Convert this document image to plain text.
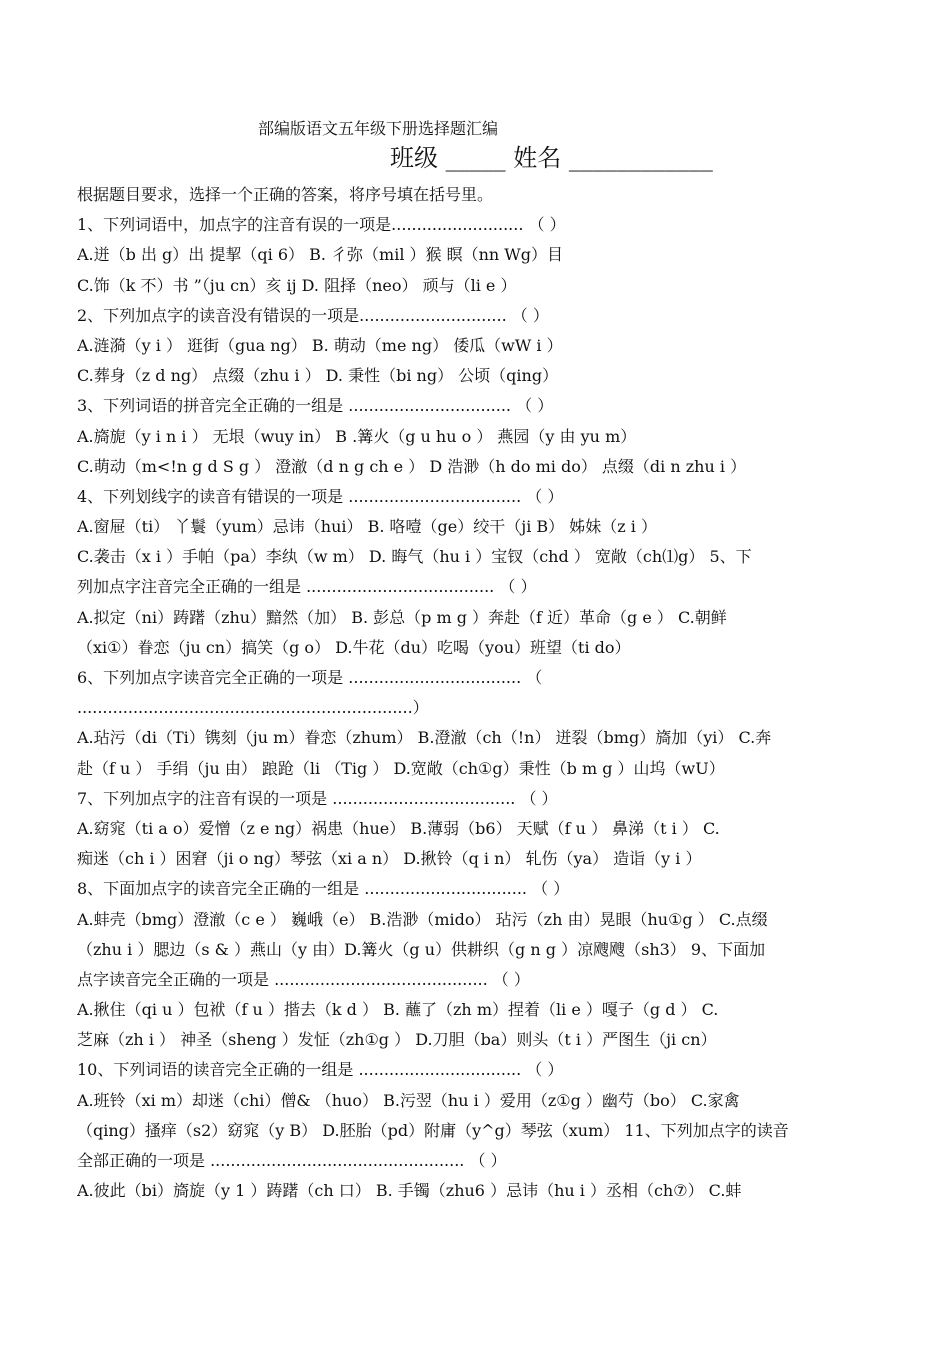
部编版语文五年级下册选择题汇编
班级 _____ 姓名 ____________
根据题目要求，选择一个正确的答案，将序号填在括号里。
1、下列词语中，加点字的注音有误的一项是.......................... （ ）
A.迸（b 出 g）出 提挈（qi 6） B. 彳弥（mil ）猴 瞑（nn Wg）目
C.饰（k 不）书 ”（ju cn）亥 ij D. 阻择（neo） 顽与（li e ）
2、下列加点字的读音没有错误的一项是............................. （ ）
A.涟漪（y i ） 逛街（gua ng） B. 萌动（me ng） 倭瓜（wW i ）
C.葬身（z d ng） 点缀（zhu i ） D. 秉性（bi ng） 公顷（qing）
3、下列词语的拼音完全正确的一组是 ................................ （ ）
A.旖旎（y i n i ） 无垠（wuy in） B .篝火（g u hu o ） 燕园（y 由 yu m）
C.萌动（m<!n g d S g ） 澄澈（d n g ch e ） D 浩渺（h do mi do） 点缀（di n zhu i ）
4、下列划线字的读音有错误的一项是 .................................. （ ）
A.窗屉（ti） 丫鬟（yum）忌讳（hui） B. 咯噎（ge）绞干（ji B） 姊妹（z i ）
C.袭击（x i ）手帕（pa）李纨（w m） D. 晦气（hu i ）宝钗（chd ） 宽敞（ch⑴g） 5、下
列加点字注音完全正确的一组是 ..................................... （ ）
A.拟定（ni）踌躇（zhu）黯然（加） B. 彭总（p m g ）奔赴（f 近）革命（g e ） C.朝鲜
（xi①）眷恋（ju cn）搞笑（g o） D.牛花（du）吃喝（you）班望（ti do）
6、下列加点字读音完全正确的一项是 .................................. （
..................................................................）
A.玷污（di（Ti）镌刻（ju m）眷恋（zhum） B.澄澈（ch（!n） 迸裂（bmg）旖加（yi） C.奔
赴（f u ） 手绢（ju 由） 踉跄（li （Tig ） D.宽敞（ch①g）秉性（b m g ）山坞（wU）
7、下列加点字的注音有误的一项是 .................................... （ ）
A.窈窕（ti a o）爱憎（z e ng）祸患（hue） B.薄弱（b6） 天赋（f u ） 鼻涕（t i ） C.
痴迷（ch i ）困窘（ji o ng）琴弦（xi a n） D.揪铃（q i n） 轧伤（ya） 造诣（y i ）
8、下面加点字的读音完全正确的一组是 ................................ （ ）
A.蚌壳（bmg）澄澈（c e ） 巍峨（e） B.浩渺（mido） 玷污（zh 由）晃眼（hu①g ） C.点缀
（zhu i ）腮边（s & ）燕山（y 由）D.篝火（g u）供耕织（g n g ）凉飕飕（sh3） 9、下面加
点字读音完全正确的一项是 .......................................... （ ）
A.揪住（qi u ）包袱（f u ）揩去（k d ） B. 蘸了（zh m）捏着（li e ）嘎子（g d ） C.
芝麻（zh i ） 神圣（sheng ）发怔（zh①g ） D.刀胆（ba）则头（t i ）严图生（ji cn）
10、下列词语的读音完全正确的一组是 ................................ （ ）
A.班铃（xi m）却迷（chi）僧& （huo） B.污翌（hu i ）爱用（z①g ）幽芍（bo） C.家禽
（qing）搔痒（s2）窈窕（y B） D.胚胎（pd）附庸（y^g）琴弦（xum） 11、下列加点字的读音
全部正确的一项是 .................................................. （ ）
A.彼此（bi）旖旋（y 1 ）踌躇（ch 口） B. 手镯（zhu6 ）忌讳（hu i ）丞相（ch⑦） C.蚌
